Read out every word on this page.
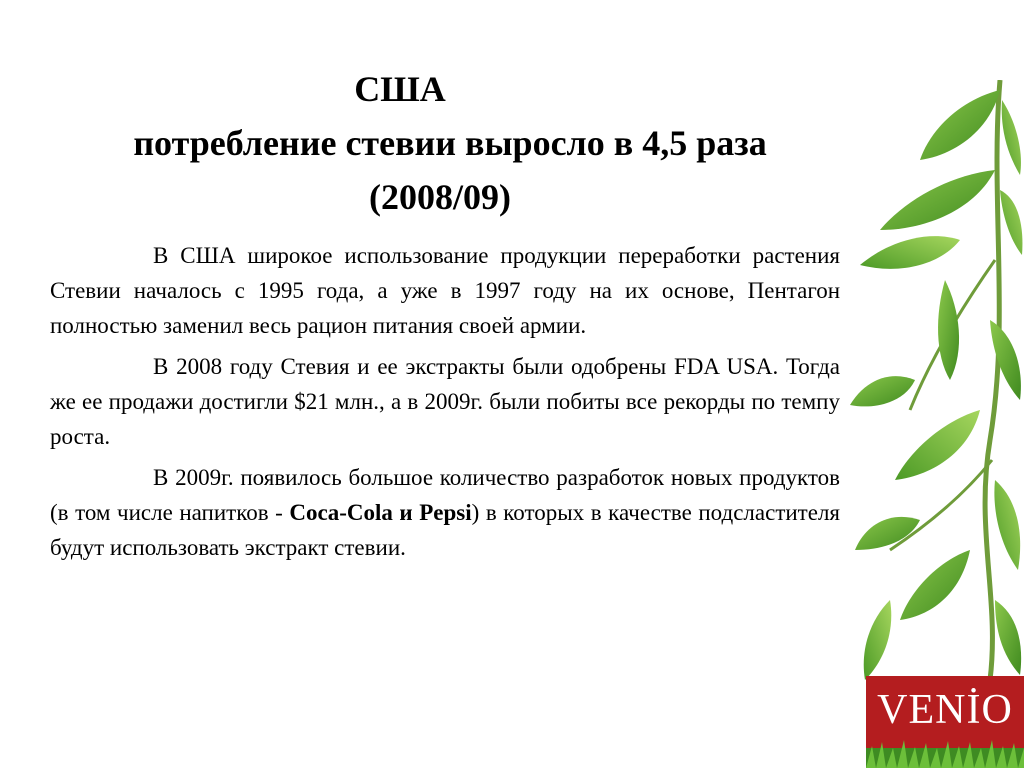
США
потребление стевии выросло в 4,5 раза
(2008/09)

В США широкое использование продукции переработки растения Стевии началось с 1995 года, а уже в 1997 году на их основе, Пентагон полностью заменил весь рацион питания своей армии.

В 2008 году Стевия и ее экстракты были одобрены FDA USA. Тогда же ее продажи достигли $21 млн., а в 2009г. были побиты все рекорды по темпу роста.

В 2009г. появилось большое количество разработок новых продуктов (в том числе напитков - Coca-Cola и Pepsi) в которых в качестве подсластителя будут использовать экстракт стевии.

VENİO
